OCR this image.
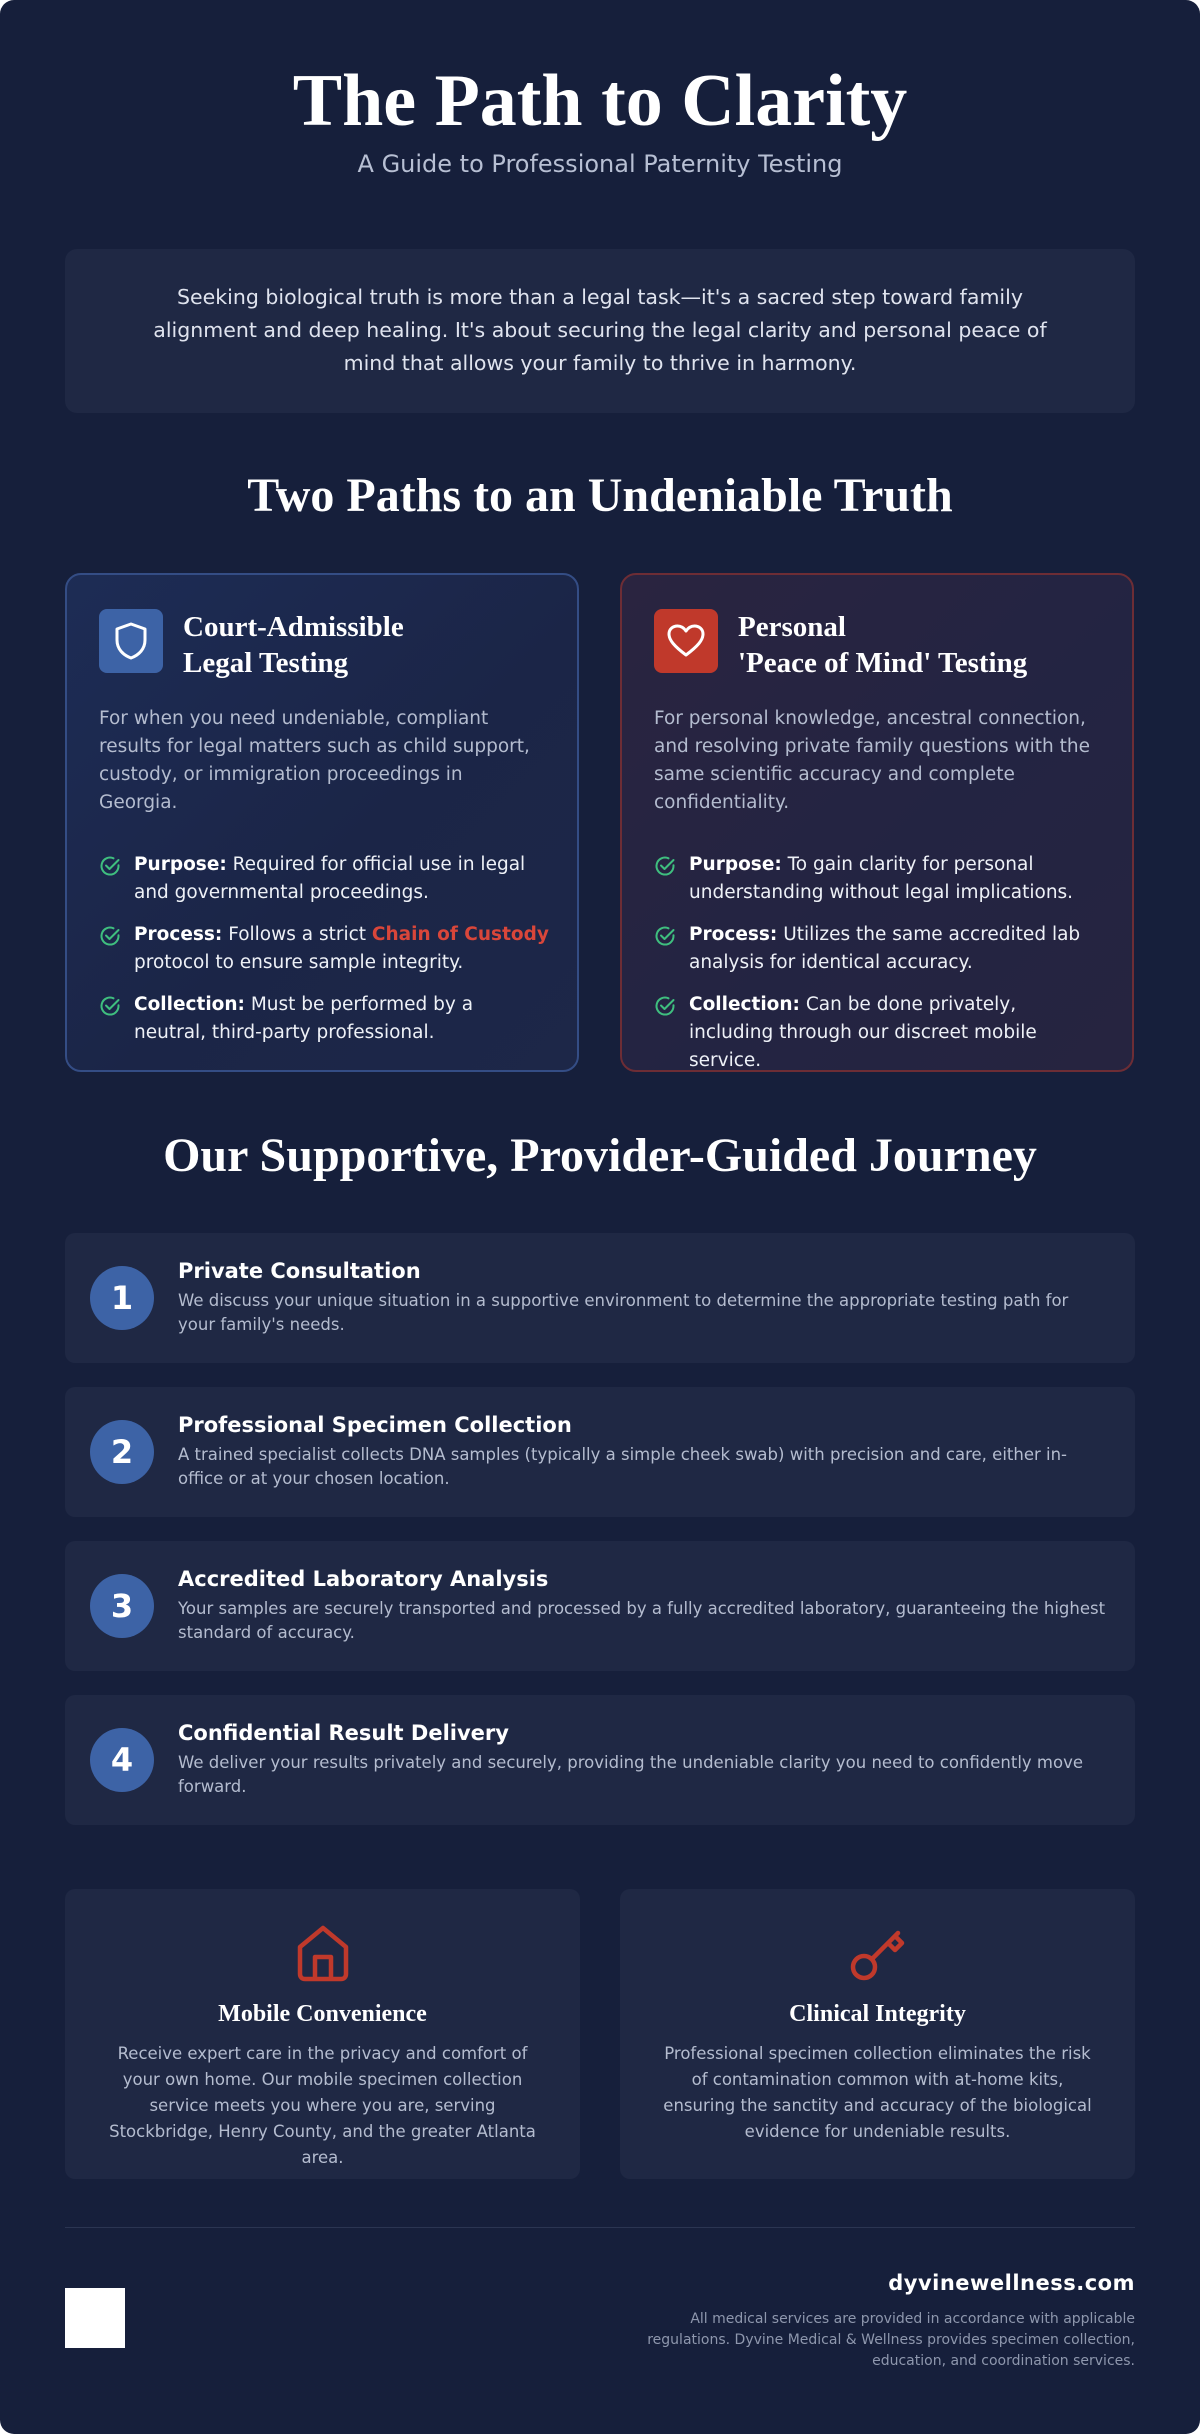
The Path to Clarity
A Guide to Professional Paternity Testing
Seeking biological truth is more than a legal task—it's a sacred step toward family alignment and deep healing. It's about securing the legal clarity and personal peace of mind that allows your family to thrive in harmony.
Two Paths to an Undeniable Truth
Court-Admissible
Legal Testing
For when you need undeniable, compliant results for legal matters such as child support, custody, or immigration proceedings in Georgia.
Purpose: Required for official use in legal and governmental proceedings.
Process: Follows a strict Chain of Custody protocol to ensure sample integrity.
Collection: Must be performed by a neutral, third-party professional.
Personal
'Peace of Mind' Testing
For personal knowledge, ancestral connection, and resolving private family questions with the same scientific accuracy and complete confidentiality.
Purpose: To gain clarity for personal understanding without legal implications.
Process: Utilizes the same accredited lab analysis for identical accuracy.
Collection: Can be done privately, including through our discreet mobile service.
Our Supportive, Provider-Guided Journey
1
Private Consultation
We discuss your unique situation in a supportive environment to determine the appropriate testing path for your family's needs.
2
Professional Specimen Collection
A trained specialist collects DNA samples (typically a simple cheek swab) with precision and care, either in-office or at your chosen location.
3
Accredited Laboratory Analysis
Your samples are securely transported and processed by a fully accredited laboratory, guaranteeing the highest standard of accuracy.
4
Confidential Result Delivery
We deliver your results privately and securely, providing the undeniable clarity you need to confidently move forward.
Mobile Convenience
Receive expert care in the privacy and comfort of your own home. Our mobile specimen collection service meets you where you are, serving Stockbridge, Henry County, and the greater Atlanta area.
Clinical Integrity
Professional specimen collection eliminates the risk of contamination common with at-home kits, ensuring the sanctity and accuracy of the biological evidence for undeniable results.
dyvinewellness.com
All medical services are provided in accordance with applicable regulations. Dyvine Medical & Wellness provides specimen collection, education, and coordination services.
